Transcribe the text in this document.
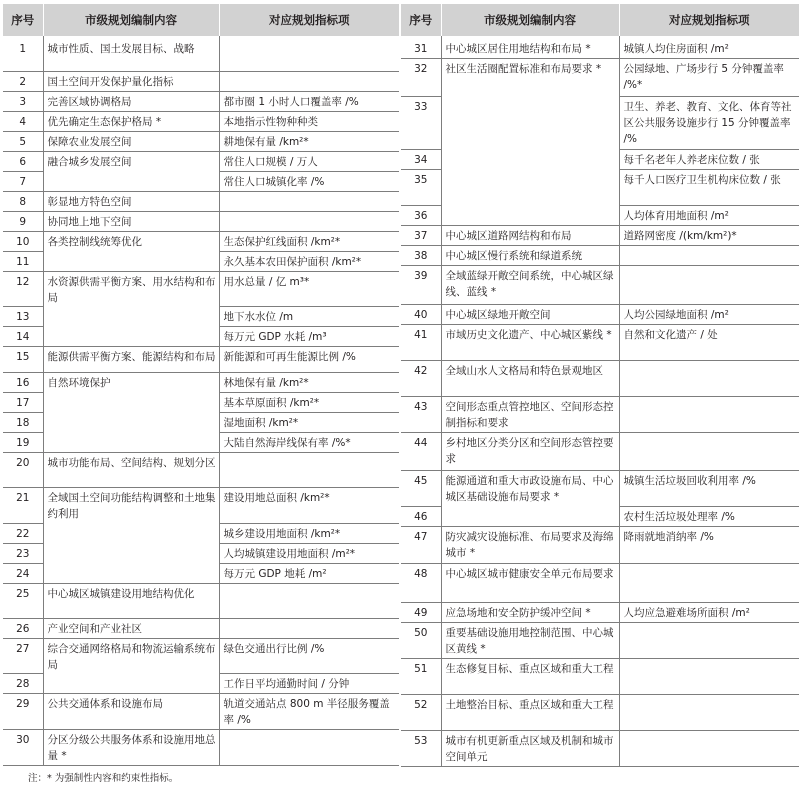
序号	市级规划编制内容	对应规划指标项
1	城市性质、国土发展目标、战略	
2	国土空间开发保护量化指标	
3	完善区域协调格局	都市圈 1 小时人口覆盖率 /%
4	优先确定生态保护格局 *	本地指示性物种种类
5	保障农业发展空间	耕地保有量 /km²*
6	融合城乡发展空间	常住人口规模 / 万人
7		常住人口城镇化率 /%
8	彰显地方特色空间	
9	协同地上地下空间	
10	各类控制线统筹优化	生态保护红线面积 /km²*
11		永久基本农田保护面积 /km²*
12	水资源供需平衡方案、用水结构和布局	用水总量 / 亿 m³*
13		地下水水位 /m
14		每万元 GDP 水耗 /m³
15	能源供需平衡方案、能源结构和布局	新能源和可再生能源比例 /%
16	自然环境保护	林地保有量 /km²*
17		基本草原面积 /km²*
18		湿地面积 /km²*
19		大陆自然海岸线保有率 /%*
20	城市功能布局、空间结构、规划分区	
21	全域国土空间功能结构调整和土地集约利用	建设用地总面积 /km²*
22		城乡建设用地面积 /km²*
23		人均城镇建设用地面积 /m²*
24		每万元 GDP 地耗 /m²
25	中心城区城镇建设用地结构优化	
26	产业空间和产业社区	
27	综合交通网络格局和物流运输系统布局	绿色交通出行比例 /%
28		工作日平均通勤时间 / 分钟
29	公共交通体系和设施布局	轨道交通站点 800 m 半径服务覆盖率 /%
30	分区分级公共服务体系和设施用地总量 *	
序号	市级规划编制内容	对应规划指标项
31	中心城区居住用地结构和布局 *	城镇人均住房面积 /m²
32	社区生活圈配置标准和布局要求 *	公园绿地、广场步行 5 分钟覆盖率 /%*
33		卫生、养老、教育、文化、体育等社区公共服务设施步行 15 分钟覆盖率 /%
34		每千名老年人养老床位数 / 张
35		每千人口医疗卫生机构床位数 / 张
36		人均体育用地面积 /m²
37	中心城区道路网结构和布局	道路网密度 /(km/km²)*
38	中心城区慢行系统和绿道系统	
39	全域蓝绿开敞空间系统，中心城区绿线、蓝线 *	
40	中心城区绿地开敞空间	人均公园绿地面积 /m²
41	市域历史文化遗产、中心城区紫线 *	自然和文化遗产 / 处
42	全域山水人文格局和特色景观地区	
43	空间形态重点管控地区、空间形态控制指标和要求	
44	乡村地区分类分区和空间形态管控要求	
45	能源通道和重大市政设施布局、中心城区基础设施布局要求 *	城镇生活垃圾回收利用率 /%
46		农村生活垃圾处理率 /%
47	防灾减灾设施标准、布局要求及海绵城市 *	降雨就地消纳率 /%
48	中心城区城市健康安全单元布局要求	
49	应急场地和安全防护缓冲空间 *	人均应急避难场所面积 /m²
50	重要基础设施用地控制范围、中心城区黄线 *	
51	生态修复目标、重点区域和重大工程	
52	土地整治目标、重点区域和重大工程	
53	城市有机更新重点区域及机制和城市空间单元	
注：* 为强制性内容和约束性指标。
